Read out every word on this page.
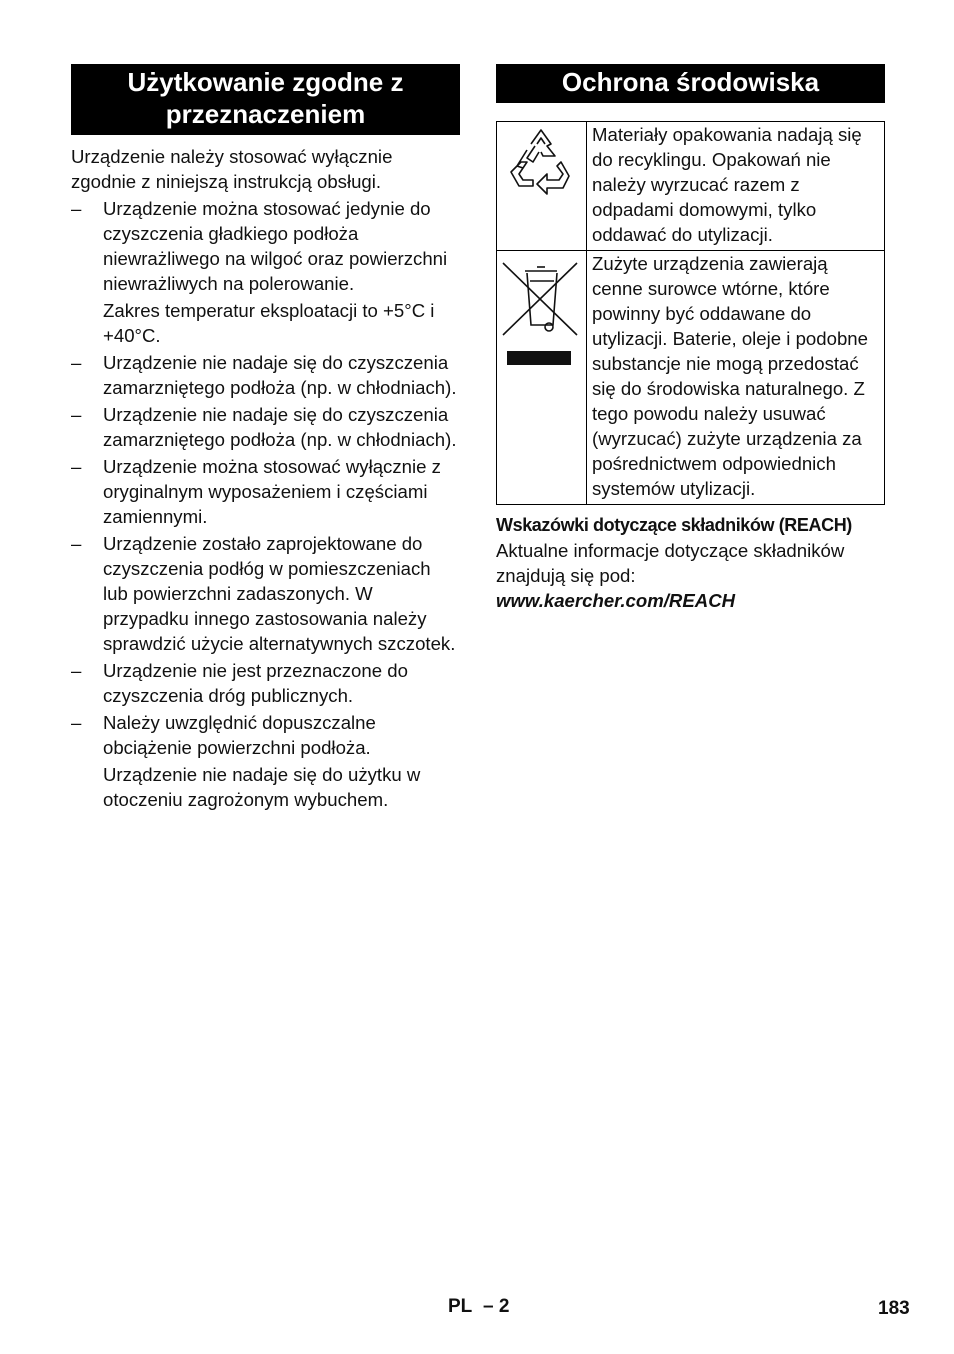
Użytkowanie zgodne z
przeznaczeniem
Urządzenie należy stosować wyłącznie zgodnie z niniejszą instrukcją obsługi.
–	Urządzenie można stosować jedynie do czyszczenia gładkiego podłoża niewrażliwego na wilgoć oraz powierzchni niewrażliwych na polerowanie.

Zakres temperatur eksploatacji to +5°C i +40°C.

–	Urządzenie nie nadaje się do czyszczenia zamarzniętego podłoża (np. w chłodniach).

–	Urządzenie nie nadaje się do czyszczenia zamarzniętego podłoża (np. w chłodniach).

–	Urządzenie można stosować wyłącznie z oryginalnym wyposażeniem i częściami zamiennymi.

–	Urządzenie zostało zaprojektowane do czyszczenia podłóg w pomieszczeniach lub powierzchni zadaszonych. W przypadku innego zastosowania należy sprawdzić użycie alternatywnych szczotek.

–	Urządzenie nie jest przeznaczone do czyszczenia dróg publicznych.

–	Należy uwzględnić dopuszczalne obciążenie powierzchni podłoża.

Urządzenie nie nadaje się do użytku w otoczeniu zagrożonym wybuchem.

Ochrona środowiska
	Materiały opakowania nadają się do recyklingu. Opakowań nie należy wyrzucać razem z odpadami domowymi, tylko oddawać do utylizacji.
	Zużyte urządzenia zawierają cenne surowce wtórne, które powinny być oddawane do utylizacji. Baterie, oleje i podobne substancje nie mogą przedostać się do środowiska naturalnego. Z tego powodu należy usuwać (wyrzucać) zużyte urządzenia za pośrednictwem odpowiednich systemów utylizacji.
Wskazówki dotyczące składników (REACH)
Aktualne informacje dotyczące składników znajdują się pod:
www.kaercher.com/REACH
PL – 2	183
